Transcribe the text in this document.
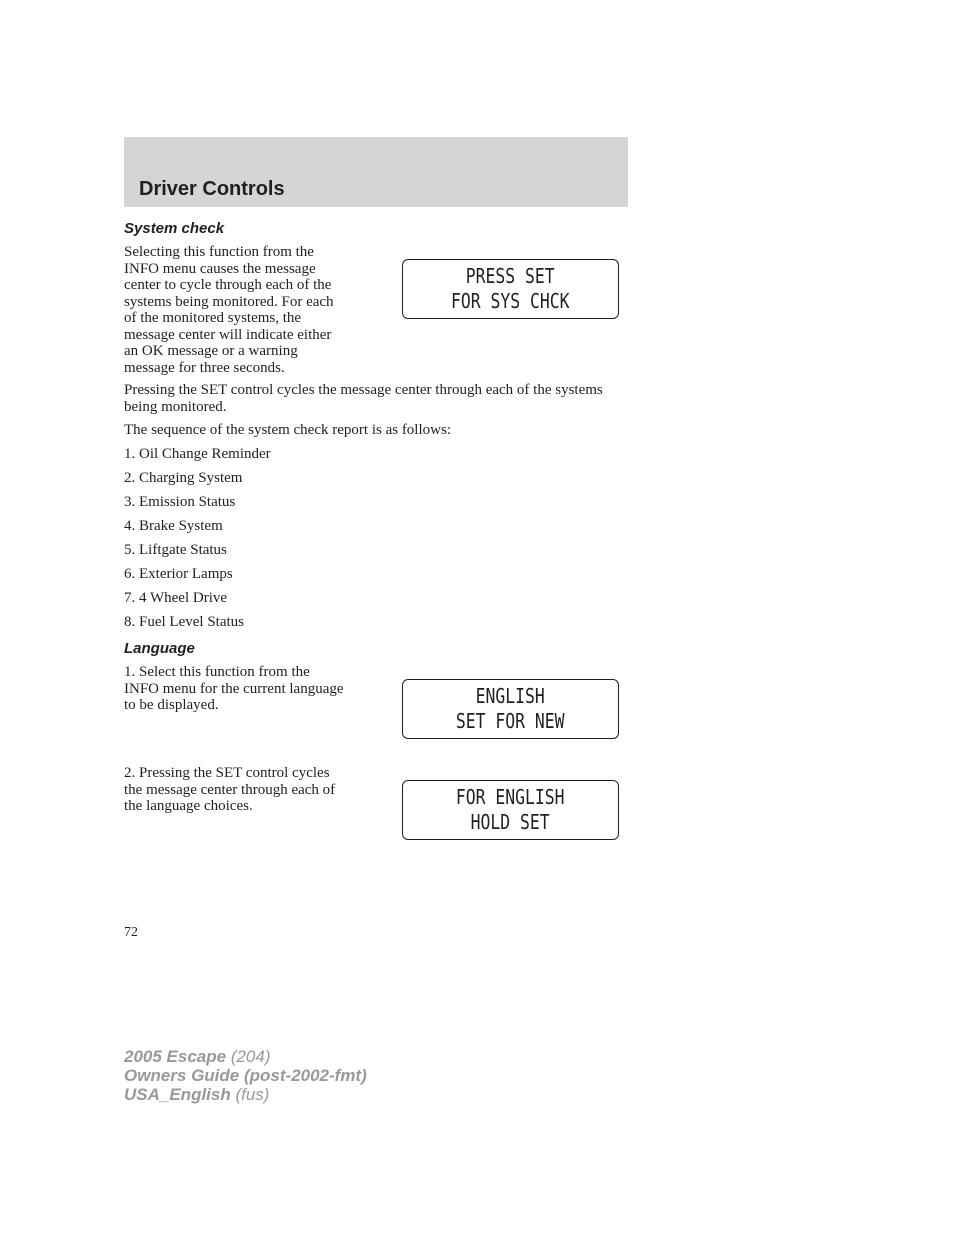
Driver Controls
System check
Selecting this function from the
INFO menu causes the message
center to cycle through each of the
systems being monitored. For each
of the monitored systems, the
message center will indicate either
an OK message or a warning
message for three seconds.
PRESS SET
FOR SYS CHCK

Pressing the SET control cycles the message center through each of the systems being monitored.

The sequence of the system check report is as follows:

1. Oil Change Reminder

2. Charging System

3. Emission Status

4. Brake System

5. Liftgate Status

6. Exterior Lamps

7. 4 Wheel Drive

8. Fuel Level Status

Language
1. Select this function from the
INFO menu for the current language
to be displayed.	ENGLISH
SET FOR NEW
2. Pressing the SET control cycles
the message center through each of
the language choices.	FOR ENGLISH
HOLD SET

72

2005 Escape (204)
Owners Guide (post-2002-fmt)
USA_English (fus)
